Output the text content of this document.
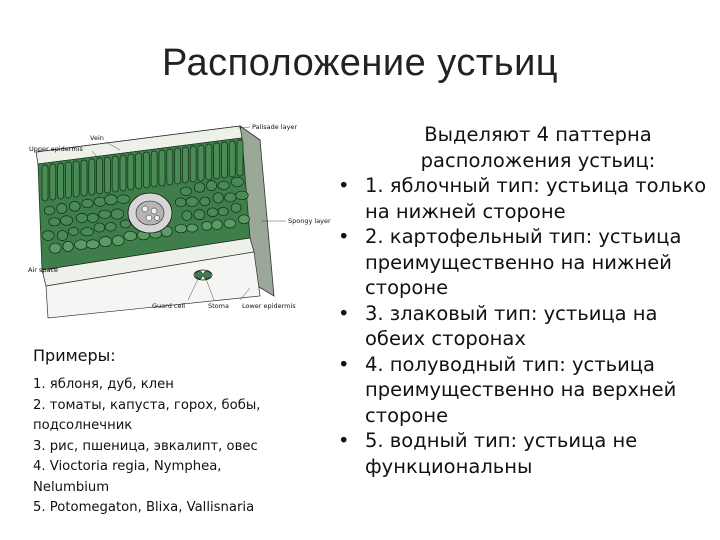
Расположение устьиц
Palisade layer
Vein
Upper epidermis
Spongy layer
Air space
Guard cell	Stoma Lower epidermis
Примеры:
1. яблоня, дуб, клен
2. томаты, капуста, горох, бобы,
подсолнечник
3. рис, пшеница, эвкалипт, овес
4. Vioctoria regia, Nymphea,
Nelumbium
5. Potomegaton, Blixa, Vallisnaria
Выделяют 4 паттерна расположения устьиц:
• 1. яблочный тип: устьица только на нижней стороне
• 2. картофельный тип: устьица преимущественно на нижней стороне
• 3. злаковый тип: устьица на обеих сторонах
• 4. полуводный тип: устьица преимущественно на верхней стороне
• 5. водный тип: устьица не функциональны
